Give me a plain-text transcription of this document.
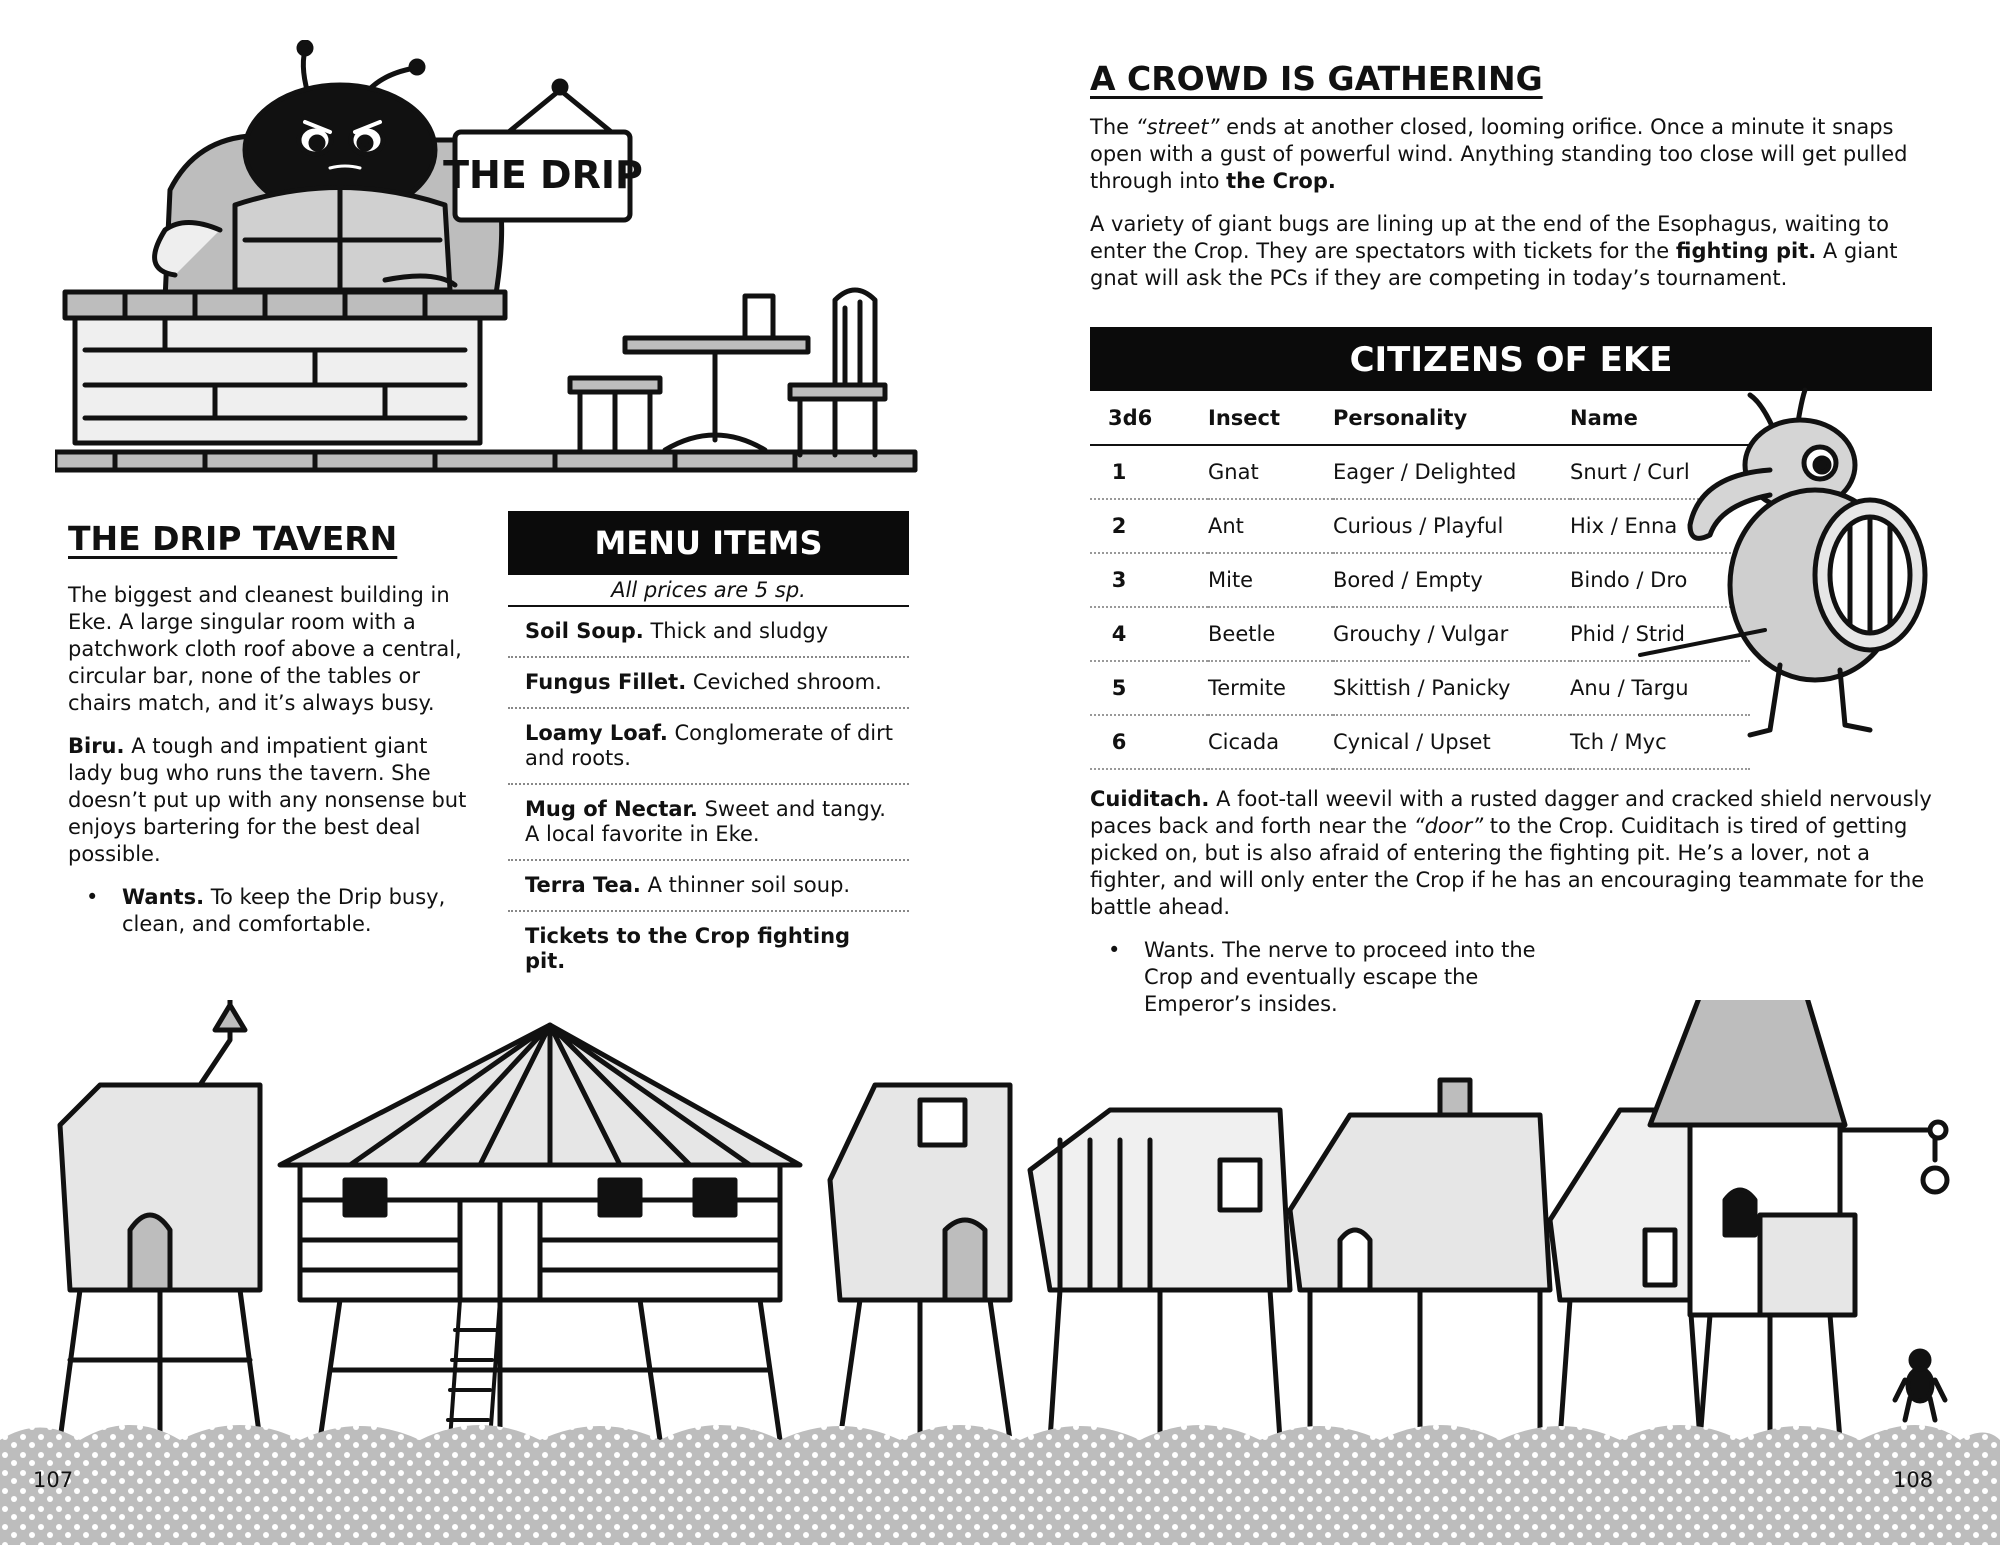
THE DRIP
THE DRIP TAVERN

The biggest and cleanest building in Eke. A large singular room with a patchwork cloth roof above a central, circular bar, none of the tables or chairs match, and it’s always busy.

Biru. A tough and impatient giant lady bug who runs the tavern. She doesn’t put up with any nonsense but enjoys bartering for the best deal possible.

• Wants. To keep the Drip busy, clean, and comfortable.

MENU ITEMS
All prices are 5 sp.
Soil Soup. Thick and sludgy
Fungus Fillet. Ceviched shroom.
Loamy Loaf. Conglomerate of dirt and roots.
Mug of Nectar. Sweet and tangy. A local favorite in Eke.
Terra Tea. A thinner soil soup.
Tickets to the Crop fighting pit.
A CROWD IS GATHERING

The “street” ends at another closed, looming orifice. Once a minute it snaps open with a gust of powerful wind. Anything standing too close will get pulled through into the Crop.

A variety of giant bugs are lining up at the end of the Esophagus, waiting to enter the Crop. They are spectators with tickets for the fighting pit. A giant gnat will ask the PCs if they are competing in today’s tournament.

CITIZENS OF EKE
3d6	Insect	Personality	Name
1	Gnat	Eager / Delighted	Snurt / Curl
2	Ant	Curious / Playful	Hix / Enna
3	Mite	Bored / Empty	Bindo / Dro
4	Beetle	Grouchy / Vulgar	Phid / Strid
5	Termite	Skittish / Panicky	Anu / Targu
6	Cicada	Cynical / Upset	Tch / Myc

Cuiditach. A foot-tall weevil with a rusted dagger and cracked shield nervously paces back and forth near the “door” to the Crop. Cuiditach is tired of getting picked on, but is also afraid of entering the fighting pit. He’s a lover, not a fighter, and will only enter the Crop if he has an encouraging teammate for the battle ahead.

• Wants. The nerve to proceed into the Crop and eventually escape the Emperor’s insides.

107	108
